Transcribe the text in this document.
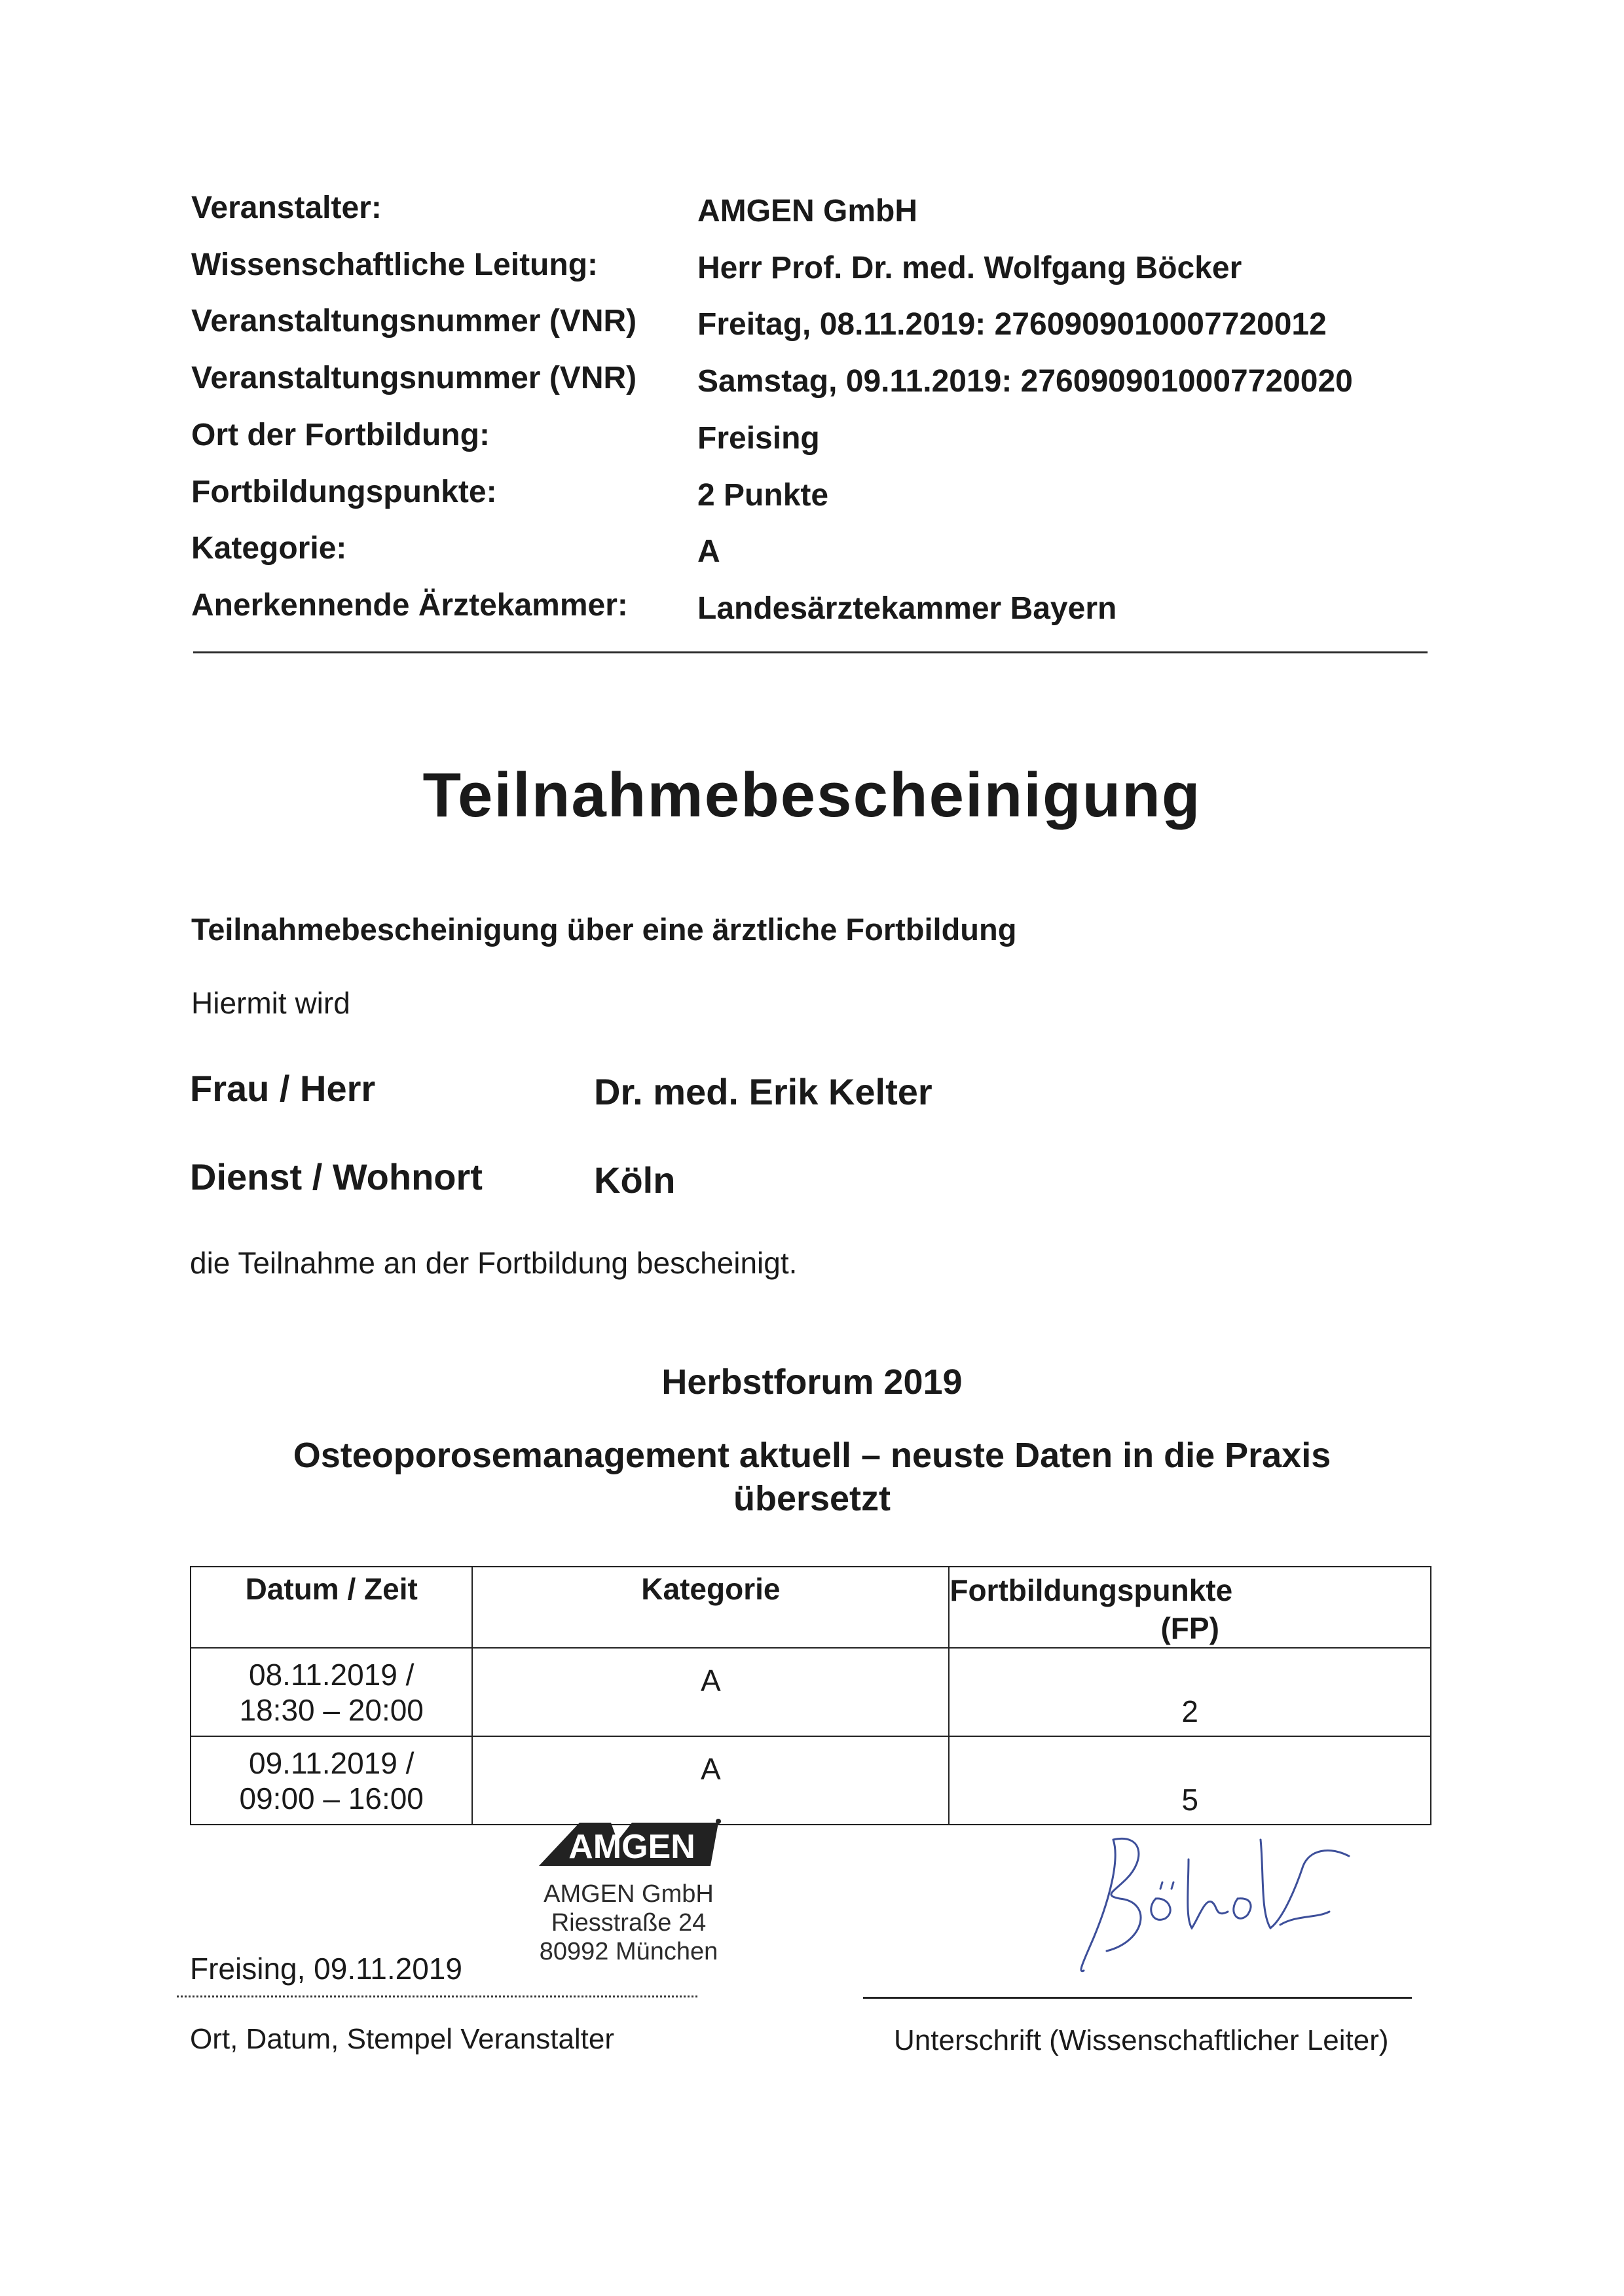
Veranstalter:	AMGEN GmbH
Wissenschaftliche Leitung:	Herr Prof. Dr. med. Wolfgang Böcker
Veranstaltungsnummer (VNR) Freitag, 08.11.2019: 2760909010007720012
Veranstaltungsnummer (VNR) Samstag, 09.11.2019: 2760909010007720020
Ort der Fortbildung:	Freising
Fortbildungspunkte:	2 Punkte
Kategorie:	A
Anerkennende Ärztekammer: Landesärztekammer Bayern
Teilnahmebescheinigung
Teilnahmebescheinigung über eine ärztliche Fortbildung
Hiermit wird
Frau / Herr	Dr. med. Erik Kelter
Dienst / Wohnort	Köln
die Teilnahme an der Fortbildung bescheinigt.
Herbstforum 2019
Osteoporosemanagement aktuell – neuste Daten in die Praxis
übersetzt
Datum / Zeit	Kategorie	Fortbildungspunkte
(FP)

08.11.2019 /
18:30 – 20:00	A	2

09.11.2019 /
09:00 – 16:00	A	5
AMGEN
AMGEN GmbH
Riesstraße 24
80992 München
Freising, 09.11.2019
Ort, Datum, Stempel Veranstalter	Unterschrift (Wissenschaftlicher Leiter)
